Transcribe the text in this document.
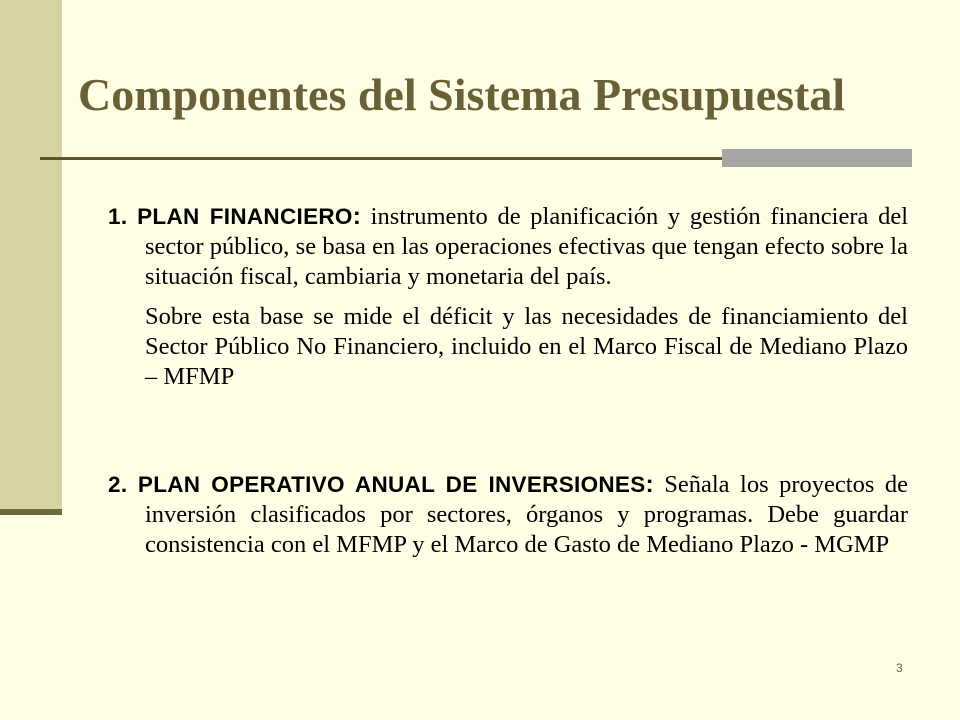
Componentes del Sistema Presupuestal

1. PLAN FINANCIERO: instrumento de planificación y gestión financiera del sector público, se basa en las operaciones efectivas que tengan efecto sobre la situación fiscal, cambiaria y monetaria del país.

Sobre esta base se mide el déficit y las necesidades de financiamiento del Sector Público No Financiero, incluido en el Marco Fiscal de Mediano Plazo – MFMP

2. PLAN OPERATIVO ANUAL DE INVERSIONES: Señala los proyectos de inversión clasificados por sectores, órganos y programas. Debe guardar consistencia con el MFMP y el Marco de Gasto de Mediano Plazo - MGMP

3
